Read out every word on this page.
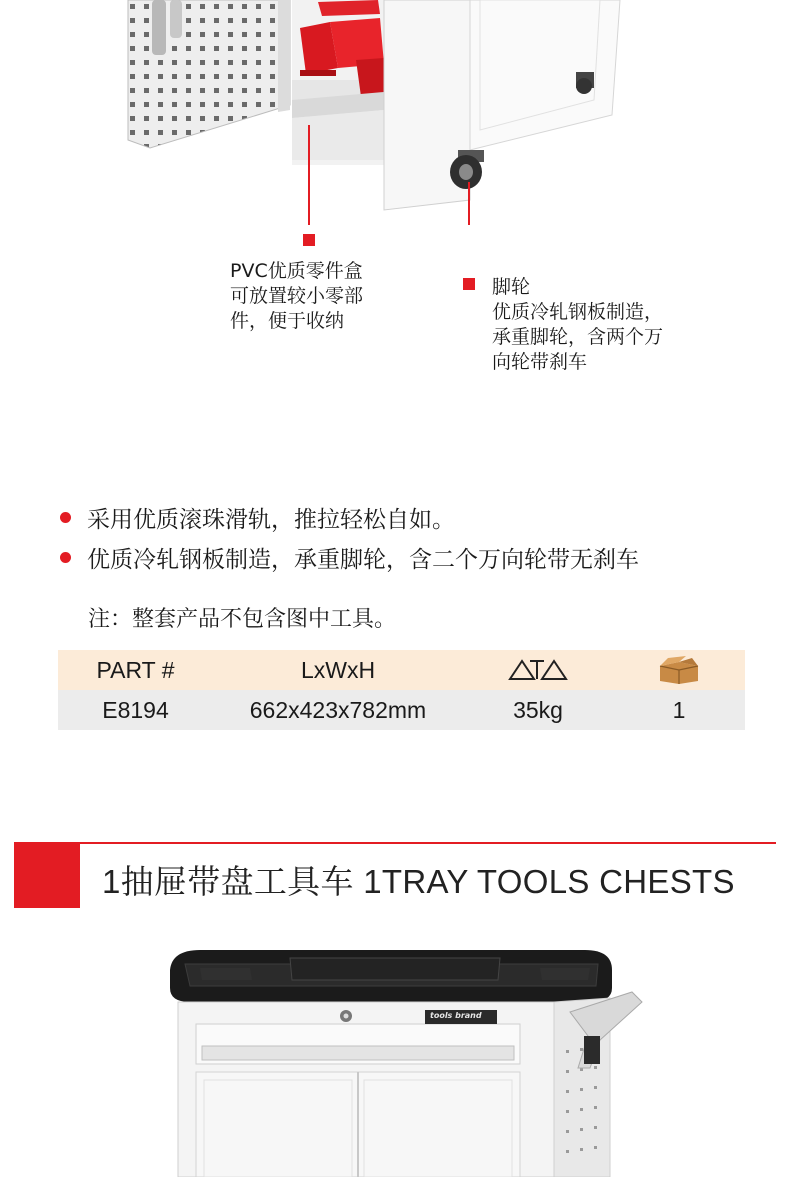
PVC优质零件盒
可放置较小零部
件，便于收纳
脚轮
优质冷轧钢板制造，
承重脚轮，含两个万
向轮带刹车
采用优质滚珠滑轨，推拉轻松自如。
优质冷轧钢板制造，承重脚轮，含二个万向轮带无刹车
注：整套产品不包含图中工具。
PART #	LxWxH
E8194	662x423x782mm	35kg	1
1抽屉带盘工具车 1TRAY TOOLS CHESTS
tools brand
